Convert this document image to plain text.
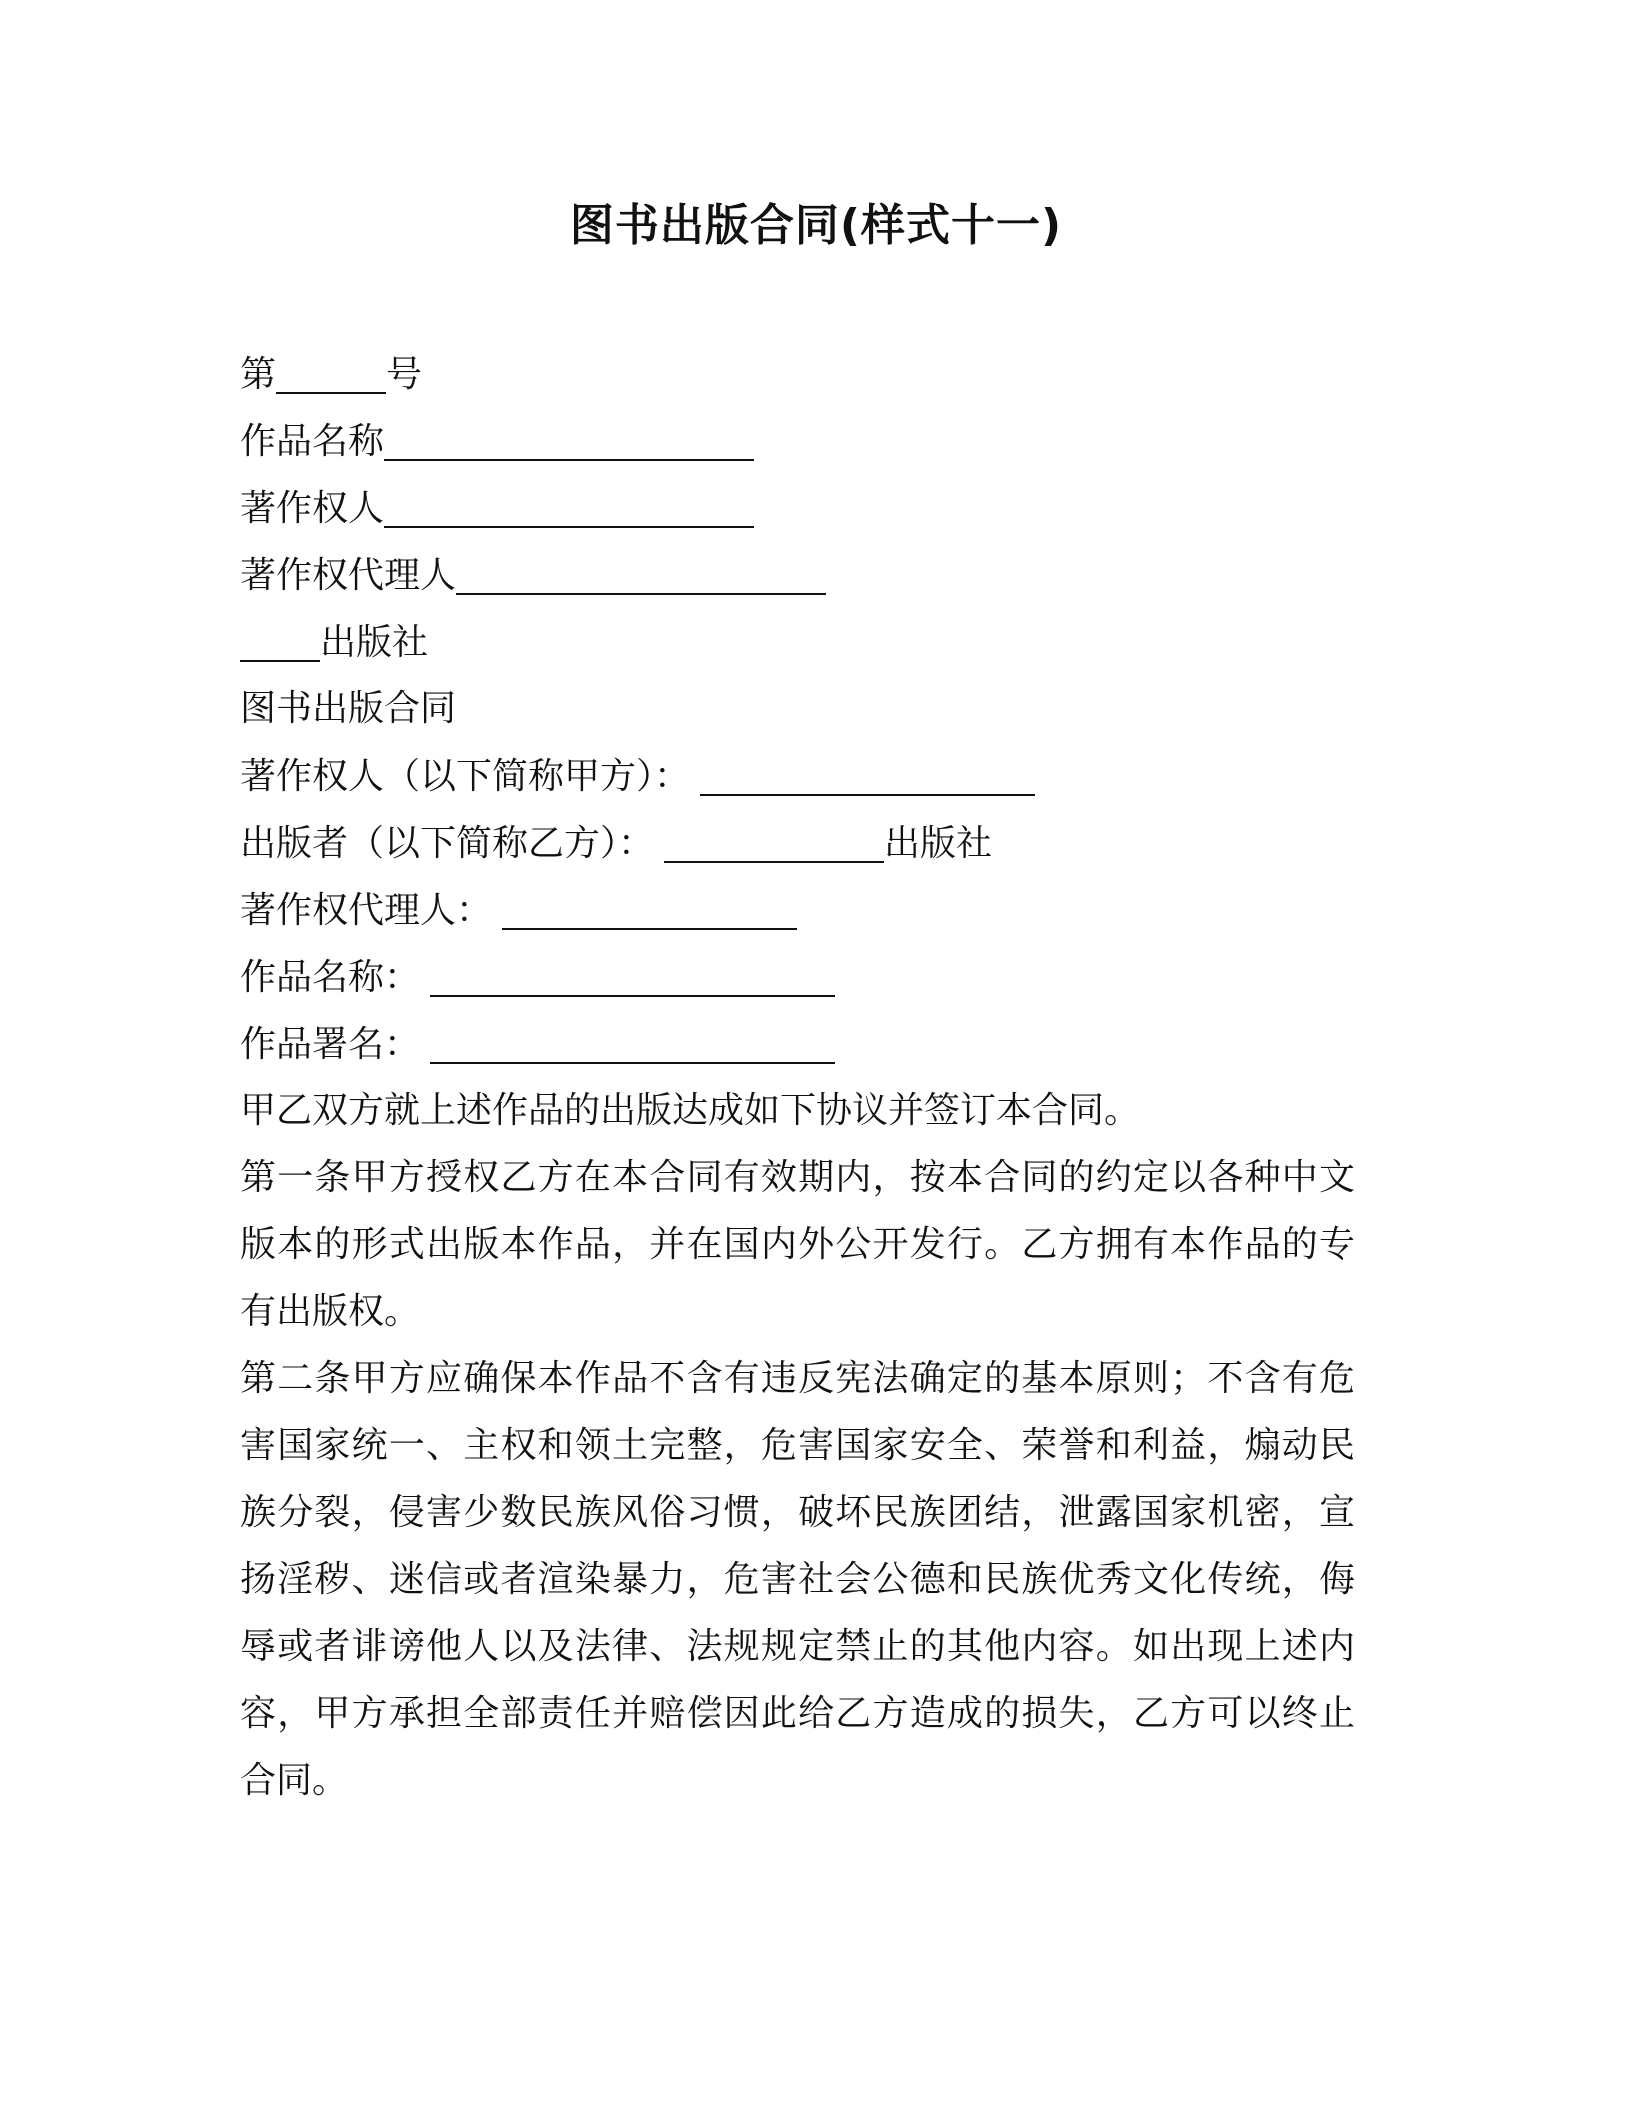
图书出版合同(样式十一)
第	号
作品名称
著作权人
著作权代理人
出版社
图书出版合同
著作权人（以下简称甲方）：
出版者（以下简称乙方）：	出版社
著作权代理人：
作品名称：
作品署名：
甲乙双方就上述作品的出版达成如下协议并签订本合同。
第一条甲方授权乙方在本合同有效期内，按本合同的约定以各种中文版本的形式出版本作品，并在国内外公开发行。乙方拥有本作品的专有出版权。
第二条甲方应确保本作品不含有违反宪法确定的基本原则；不含有危害国家统一、主权和领土完整，危害国家安全、荣誉和利益，煽动民族分裂，侵害少数民族风俗习惯，破坏民族团结，泄露国家机密，宣扬淫秽、迷信或者渲染暴力，危害社会公德和民族优秀文化传统，侮辱或者诽谤他人以及法律、法规规定禁止的其他内容。如出现上述内容，甲方承担全部责任并赔偿因此给乙方造成的损失，乙方可以终止合同。
